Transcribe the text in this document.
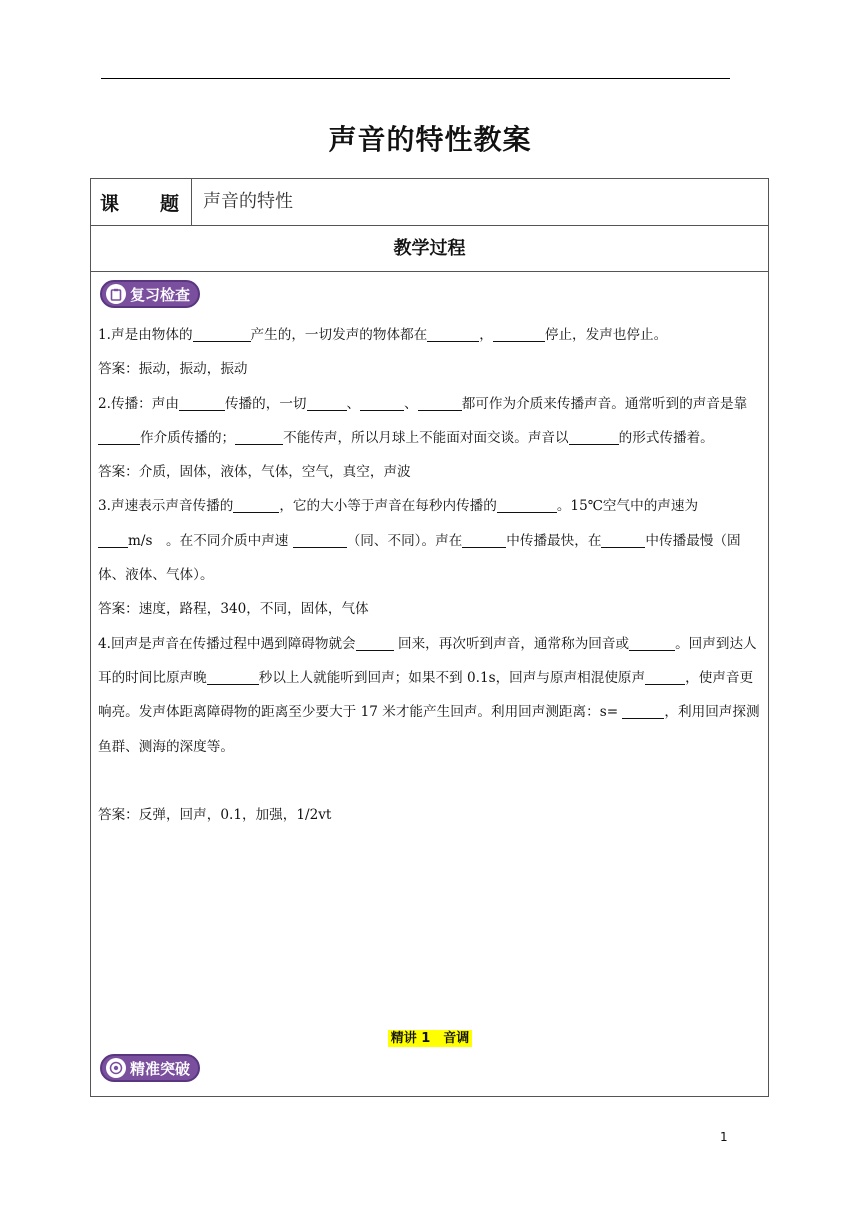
声音的特性教案
课 题 声音的特性
教学过程
复习检查

1.声是由物体的	产生的，一切发声的物体都在	，	停止，发声也停止。

答案：振动，振动，振动

2.传播：声由	传播的，一切	、	、	都可作为介质来传播声音。通常听到的声音是靠作介质传播的；	不能传声，所以月球上不能面对面交谈。声音以	的形式传播着。

答案：介质，固体，液体，气体，空气，真空，声波

3.声速表示声音传播的	，它的大小等于声音在每秒内传播的	。15℃空气中的声速为
m/s　。在不同介质中声速	（同、不同）。声在	中传播最快，在	中传播最慢（固体、液体、气体）。

答案：速度，路程，340，不同，固体，气体

4.回声是声音在传播过程中遇到障碍物就会	回来，再次听到声音，通常称为回音或	。回声到达人耳的时间比原声晚	秒以上人就能听到回声；如果不到 0.1s，回声与原声相混使原声	，使声音更响亮。发声体距离障碍物的距离至少要大于 17 米才能产生回声。利用回声测距离：s=	，利用回声探测鱼群、测海的深度等。

答案：反弹，回声，0.1，加强，1/2vt

精讲 1　音调
精准突破
1
